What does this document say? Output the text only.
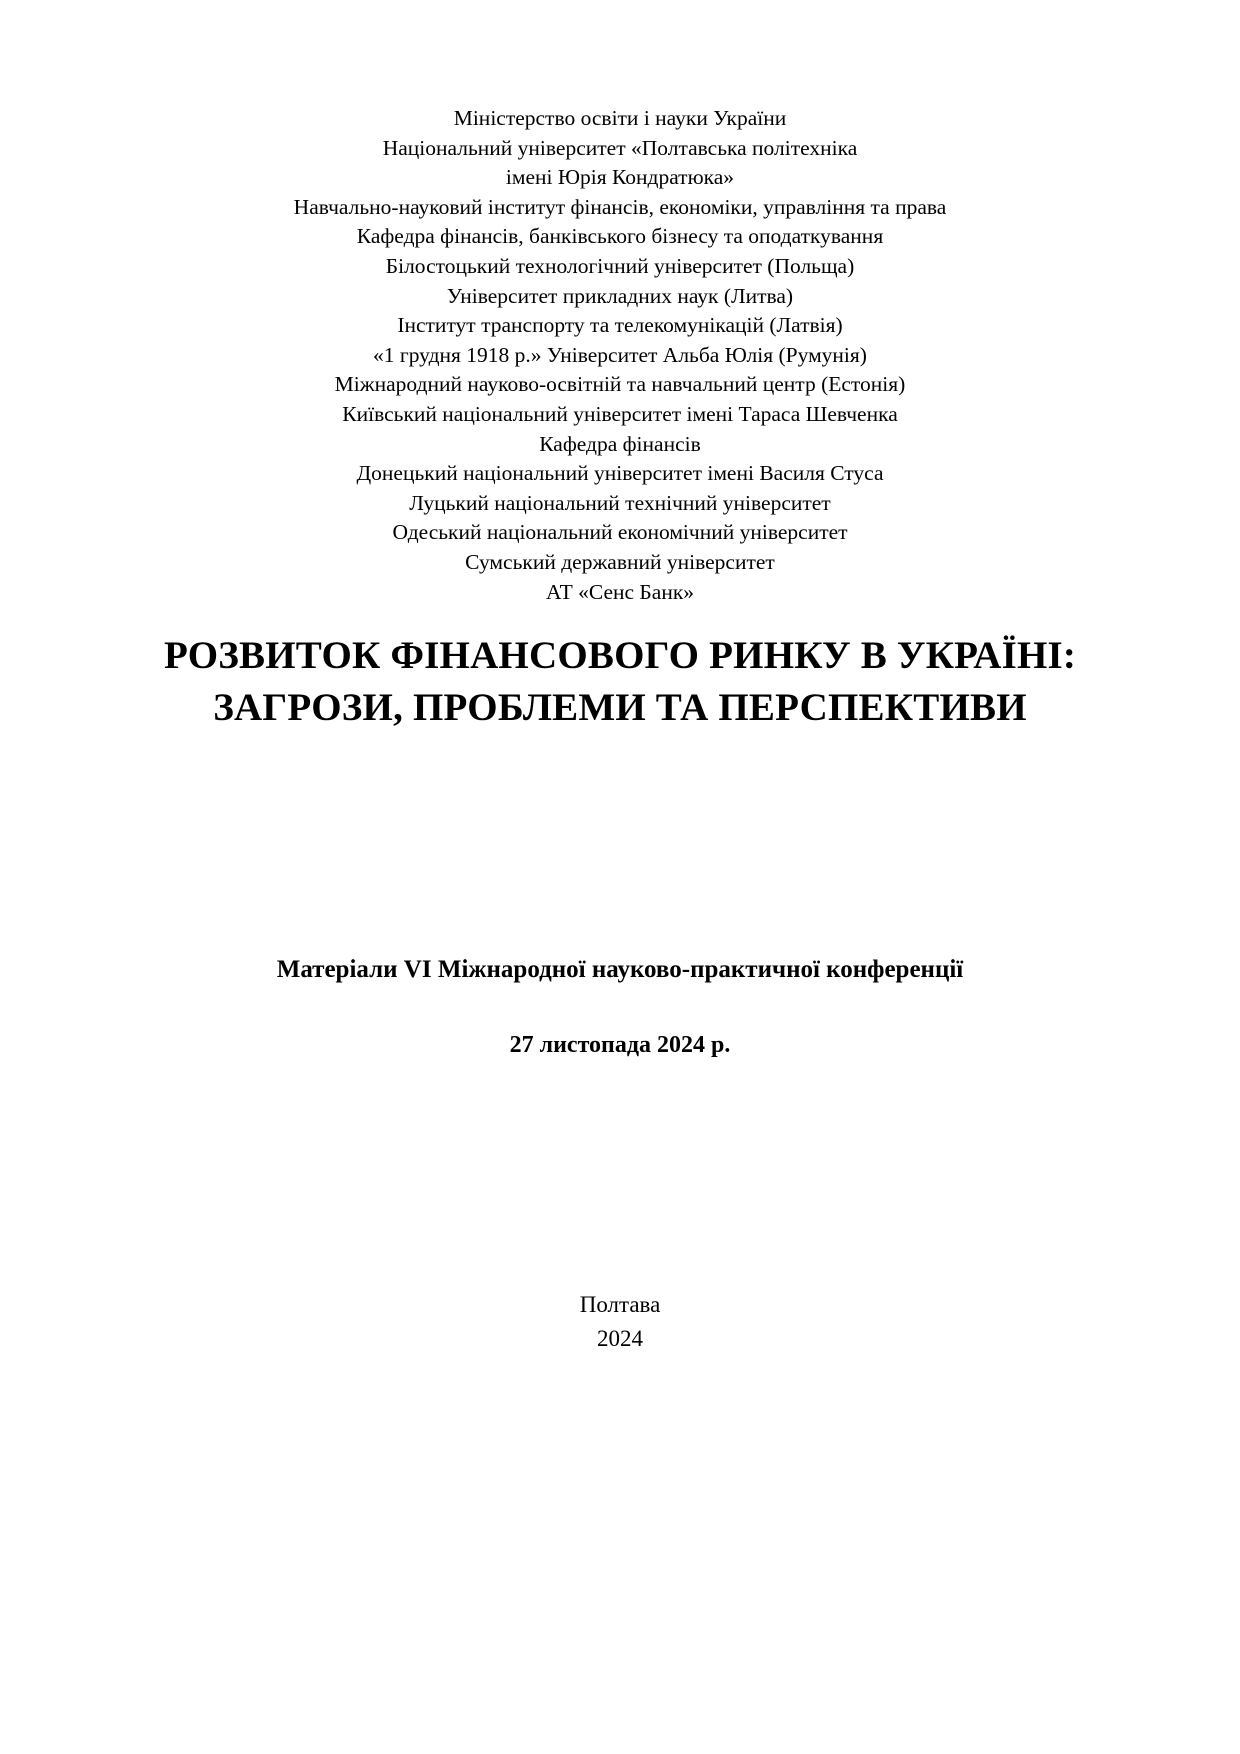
Міністерство освіти і науки України
Національний університет «Полтавська політехніка
імені Юрія Кондратюка»
Навчально-науковий інститут фінансів, економіки, управління та права
Кафедра фінансів, банківського бізнесу та оподаткування
Білостоцький технологічний університет (Польща)
Університет прикладних наук (Литва)
Інститут транспорту та телекомунікацій (Латвія)
«1 грудня 1918 р.» Університет Альба Юлія (Румунія)
Міжнародний науково-освітній та навчальний центр (Естонія)
Київський національний університет імені Тараса Шевченка
Кафедра фінансів
Донецький національний університет імені Василя Стуса
Луцький національний технічний університет
Одеський національний економічний університет
Сумський державний університет
АТ «Сенс Банк»
РОЗВИТОК ФІНАНСОВОГО РИНКУ В УКРАЇНІ: ЗАГРОЗИ, ПРОБЛЕМИ ТА ПЕРСПЕКТИВИ
Матеріали VI Міжнародної науково-практичної конференції
27 листопада 2024 р.
Полтава
2024
